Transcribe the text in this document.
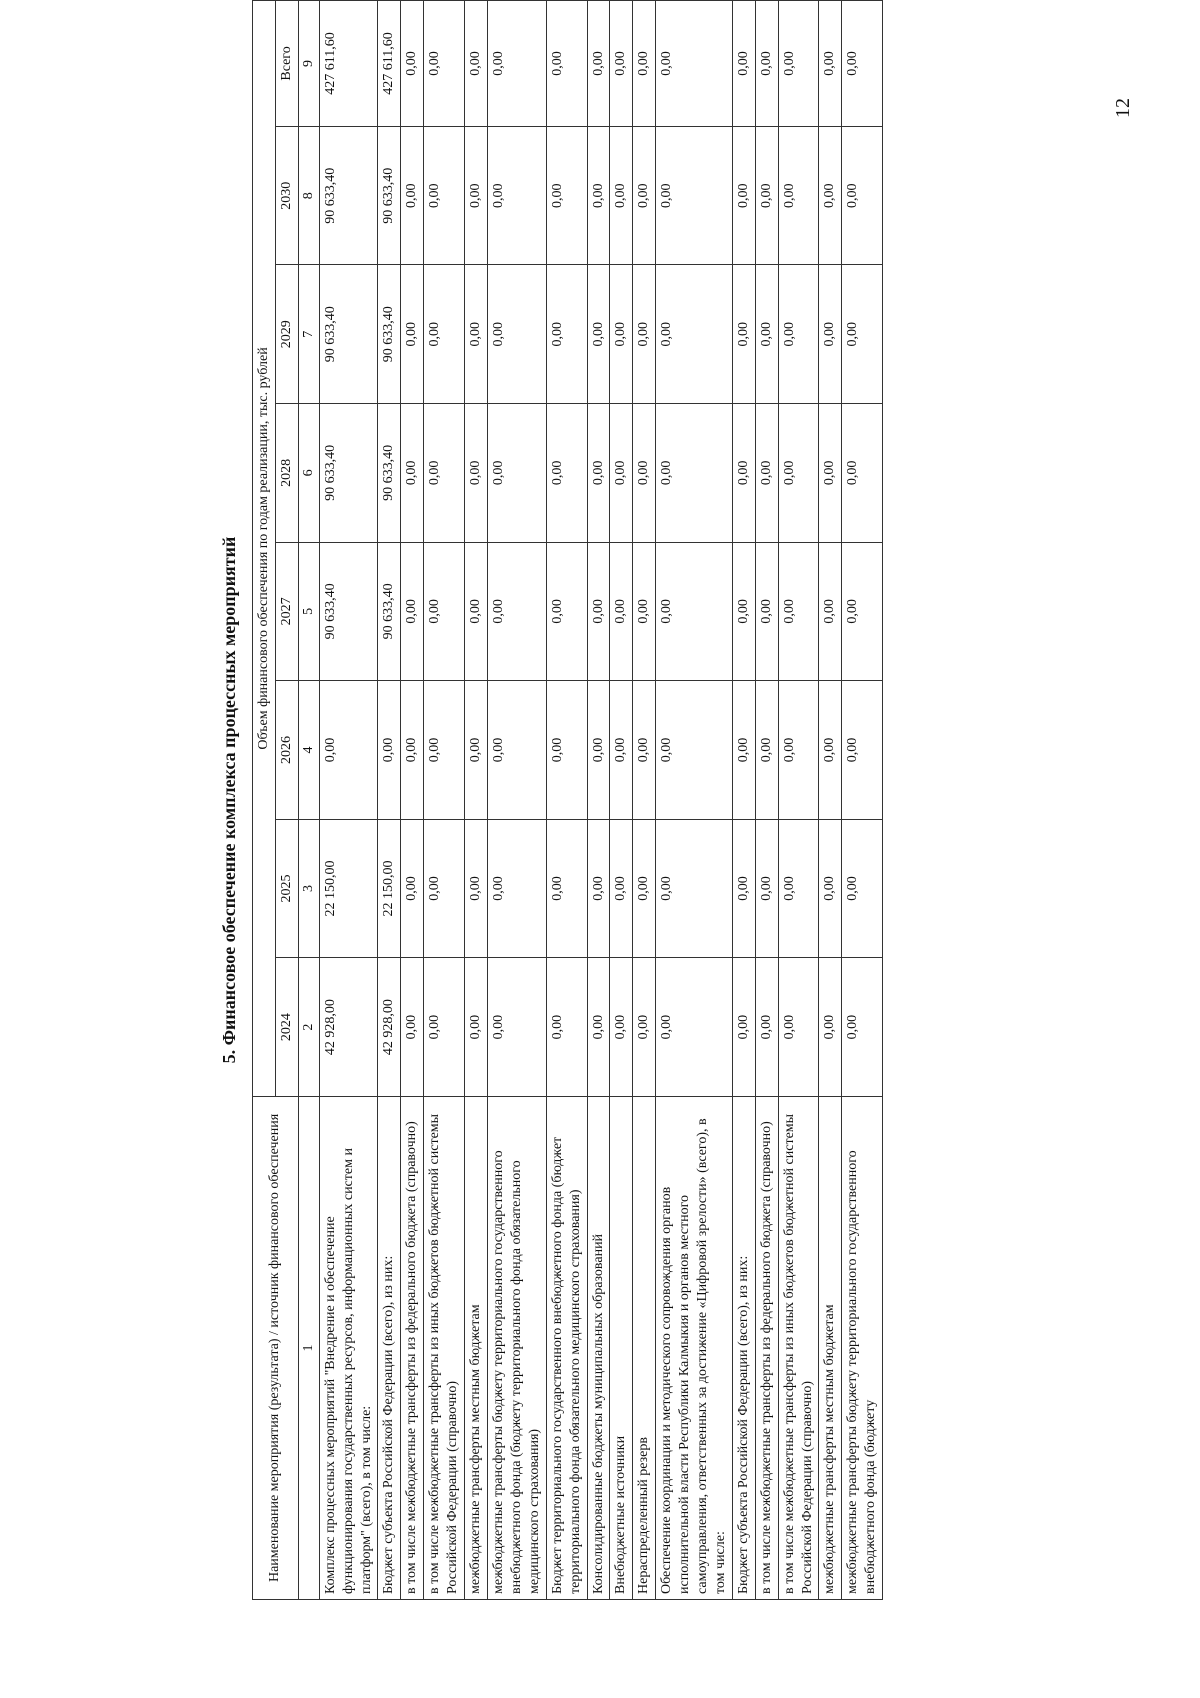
12
5. Финансовое обеспечение комплекса процессных мероприятий
Наименование мероприятия (результата) / источник финансового обеспечения	Объем финансового обеспечения по годам реализации, тыс. рублей							
	2024	2025	2026	2027	2028	2029	2030	Всего
1	2	3	4	5	6	7	8	9
Комплекс процессных мероприятий "Внедрение и обеспечение функционирования государственных ресурсов, информационных систем и платформ" (всего), в том числе:	42 928,00	22 150,00	0,00	90 633,40	90 633,40	90 633,40	90 633,40	427 611,60
Бюджет субъекта Российской Федерации (всего), из них:	42 928,00	22 150,00	0,00	90 633,40	90 633,40	90 633,40	90 633,40	427 611,60
в том числе межбюджетные трансферты из федерального бюджета (справочно)	0,00	0,00	0,00	0,00	0,00	0,00	0,00	0,00
в том числе межбюджетные трансферты из иных бюджетов бюджетной системы Российской Федерации (справочно)	0,00	0,00	0,00	0,00	0,00	0,00	0,00	0,00
межбюджетные трансферты местным бюджетам	0,00	0,00	0,00	0,00	0,00	0,00	0,00	0,00
межбюджетные трансферты бюджету территориального государственного внебюджетного фонда (бюджету территориального фонда обязательного медицинского страхования)	0,00	0,00	0,00	0,00	0,00	0,00	0,00	0,00
Бюджет территориального государственного внебюджетного фонда (бюджет территориального фонда обязательного медицинского страхования)	0,00	0,00	0,00	0,00	0,00	0,00	0,00	0,00
Консолидированные бюджеты муниципальных образований	0,00	0,00	0,00	0,00	0,00	0,00	0,00	0,00
Внебюджетные источники	0,00	0,00	0,00	0,00	0,00	0,00	0,00	0,00
Нераспределенный резерв	0,00	0,00	0,00	0,00	0,00	0,00	0,00	0,00
Обеспечение координации и методического сопровождения органов исполнительной власти Республики Калмыкия и органов местного самоуправления, ответственных за достижение «Цифровой зрелости» (всего), в том числе:	0,00	0,00	0,00	0,00	0,00	0,00	0,00	0,00
Бюджет субъекта Российской Федерации (всего), из них:	0,00	0,00	0,00	0,00	0,00	0,00	0,00	0,00
в том числе межбюджетные трансферты из федерального бюджета (справочно)	0,00	0,00	0,00	0,00	0,00	0,00	0,00	0,00
в том числе межбюджетные трансферты из иных бюджетов бюджетной системы Российской Федерации (справочно)	0,00	0,00	0,00	0,00	0,00	0,00	0,00	0,00
межбюджетные трансферты местным бюджетам	0,00	0,00	0,00	0,00	0,00	0,00	0,00	0,00
межбюджетные трансферты бюджету территориального государственного внебюджетного фонда (бюджету	0,00	0,00	0,00	0,00	0,00	0,00	0,00	0,00
